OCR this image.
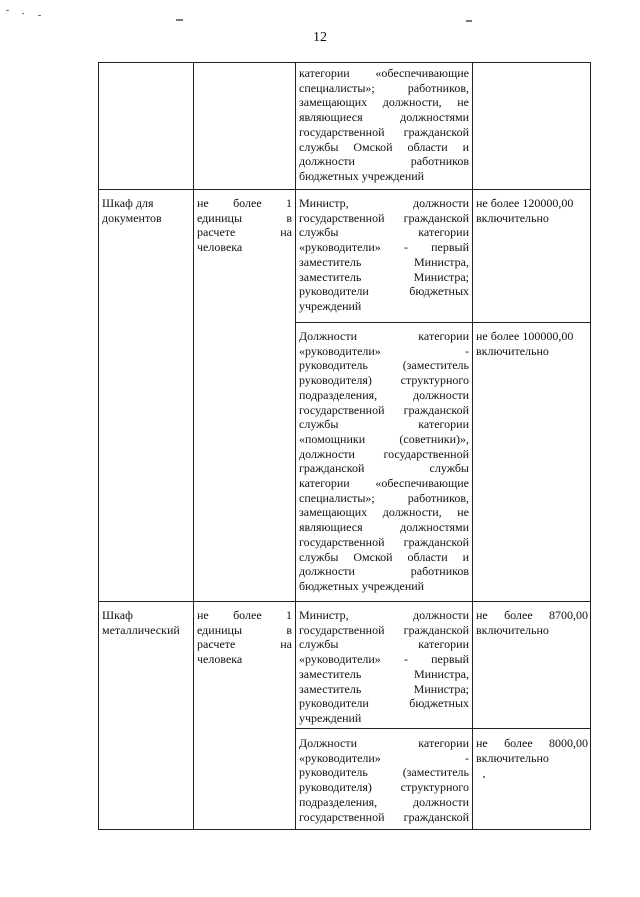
12
категории «обеспечивающие
специалисты»; работников,
замещающих должности, не
являющиеся должностями
государственной гражданской
службы Омской области и
должности работников
бюджетных учреждений
Шкаф для
документов
не более 1
единицы в
расчете на
человека
Министр, должности
государственной гражданской
службы категории
«руководители» - первый
заместитель Министра,
заместитель Министра;
руководители бюджетных
учреждений
не более 120000,00
включительно
Должности категории
«руководители» -
руководитель (заместитель
руководителя) структурного
подразделения, должности
государственной гражданской
службы категории
«помощники (советники)»,
должности государственной
гражданской службы
категории «обеспечивающие
специалисты»; работников,
замещающих должности, не
являющиеся должностями
государственной гражданской
службы Омской области и
должности работников
бюджетных учреждений
не более 100000,00
включительно
Шкаф
металлический
не более 1
единицы в
расчете на
человека
Министр, должности
государственной гражданской
службы категории
«руководители» - первый
заместитель Министра,
заместитель Министра;
руководители бюджетных
учреждений
не более 8700,00
включительно
Должности категории
«руководители» -
руководитель (заместитель
руководителя) структурного
подразделения, должности
государственной гражданской
не более 8000,00
включительно
